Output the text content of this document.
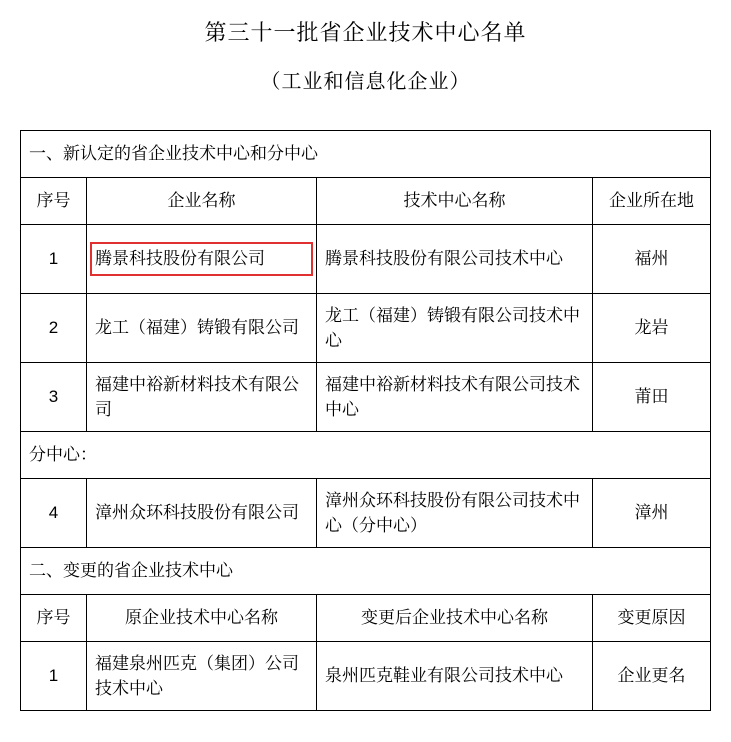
第三十一批省企业技术中心名单
（工业和信息化企业）
一、新认定的省企业技术中心和分中心			
序号	企业名称	技术中心名称	企业所在地
1	腾景科技股份有限公司	腾景科技股份有限公司技术中心	福州
2	龙工（福建）铸锻有限公司	龙工（福建）铸锻有限公司技术中心	龙岩
3	福建中裕新材料技术有限公司	福建中裕新材料技术有限公司技术中心	莆田
分中心：			
4	漳州众环科技股份有限公司	漳州众环科技股份有限公司技术中心（分中心）	漳州
二、变更的省企业技术中心			
序号	原企业技术中心名称	变更后企业技术中心名称	变更原因
1	福建泉州匹克（集团）公司技术中心	泉州匹克鞋业有限公司技术中心	企业更名
